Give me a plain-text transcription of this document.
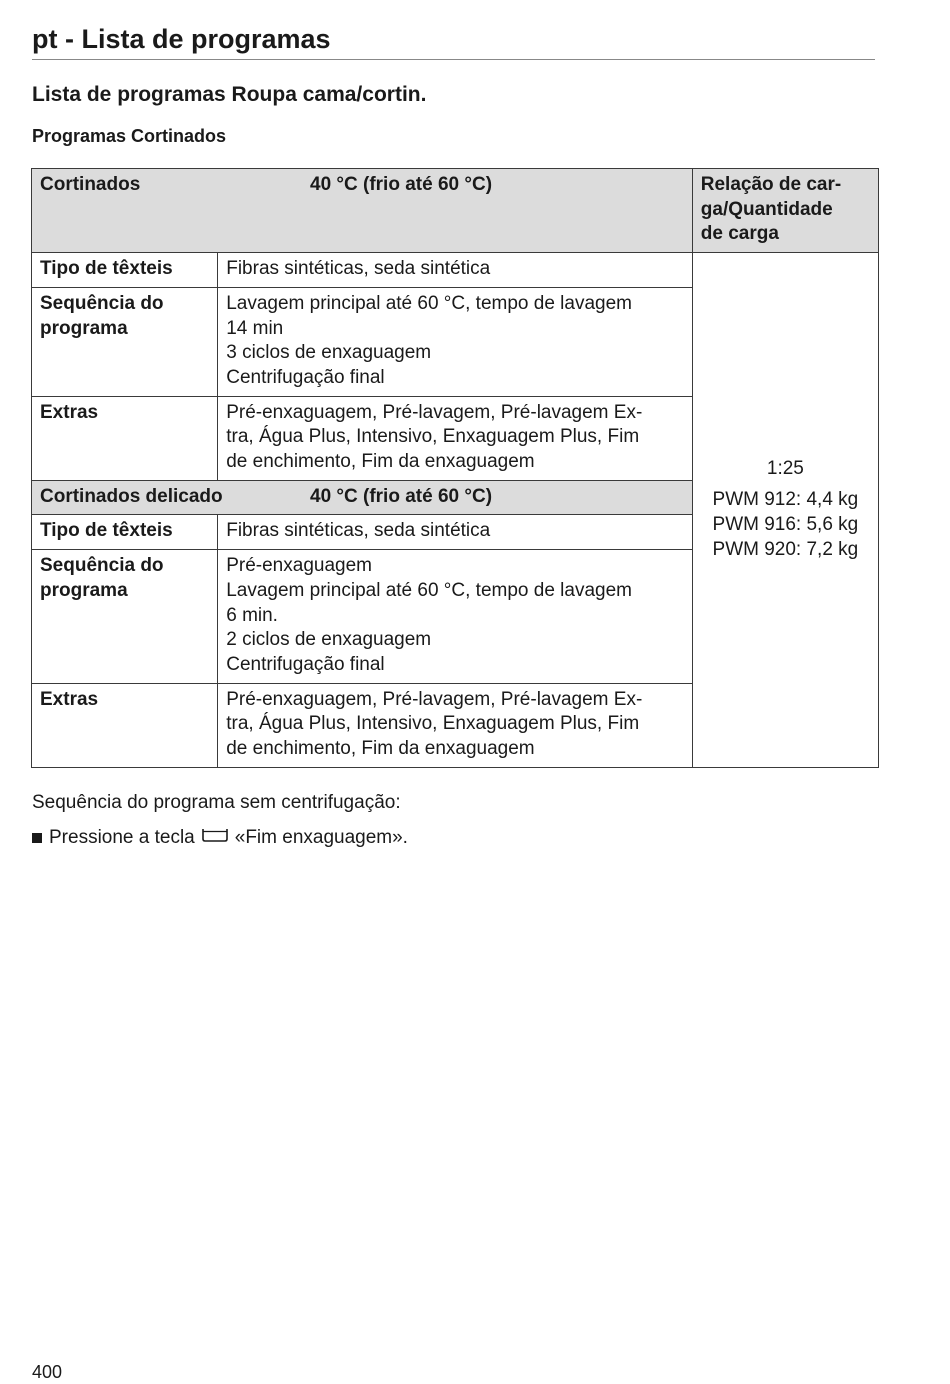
pt - Lista de programas
Lista de programas Roupa cama/cortin.
Programas Cortinados
Cortinados 40 °C (frio até 60 °C)		Relação de car-
ga/Quantidade
de carga

Tipo de têxteis	Fibras sintéticas, seda sintética	1:25
PWM 912: 4,4 kg
PWM 916: 5,6 kg
PWM 920: 7,2 kg

Sequência do
programa	Lavagem principal até 60 °C, tempo de lavagem
14 min
3 ciclos de enxaguagem
Centrifugação final	

Extras	Pré-enxaguagem, Pré-lavagem, Pré-lavagem Ex-
tra, Água Plus, Intensivo, Enxaguagem Plus, Fim
de enchimento, Fim da enxaguagem	

Cortinados delicado 40 °C (frio até 60 °C)		
Tipo de têxteis	Fibras sintéticas, seda sintética	

Sequência do
programa	Pré-enxaguagem
Lavagem principal até 60 °C, tempo de lavagem
6 min.
2 ciclos de enxaguagem
Centrifugação final	

Extras	Pré-enxaguagem, Pré-lavagem, Pré-lavagem Ex-
tra, Água Plus, Intensivo, Enxaguagem Plus, Fim
de enchimento, Fim da enxaguagem	
Sequência do programa sem centrifugação:
Pressione a tecla «Fim enxaguagem».
400
